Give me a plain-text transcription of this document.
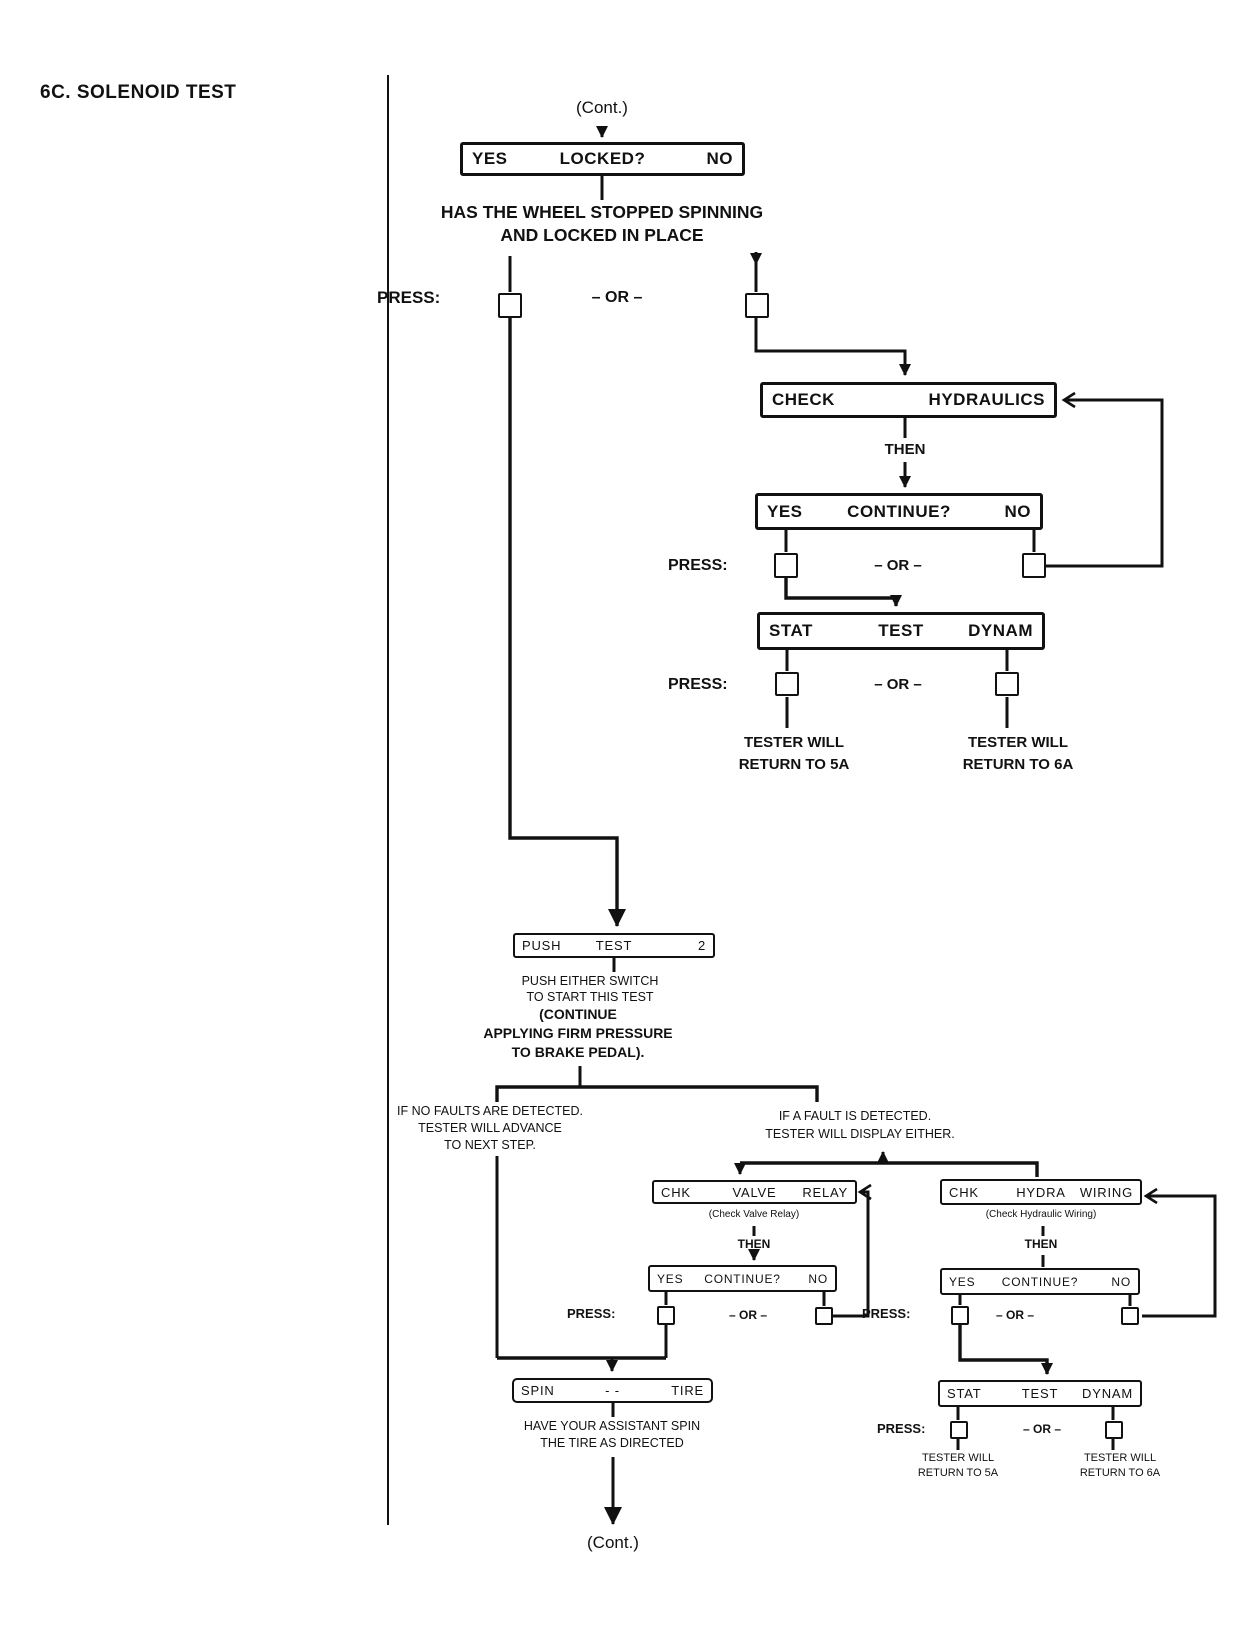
6C. SOLENOID TEST
(Cont.)
YES	LOCKED?	NO
HAS THE WHEEL STOPPED SPINNING
AND LOCKED IN PLACE
PRESS:	– OR –
CHECK	HYDRAULICS
THEN
YES	CONTINUE?	NO
PRESS:	– OR –
STAT	TEST	DYNAM
PRESS:	– OR –
TESTER WILL
RETURN TO 5A
TESTER WILL
RETURN TO 6A
PUSH	TEST	2
PUSH EITHER SWITCH
TO START THIS TEST
(CONTINUE
APPLYING FIRM PRESSURE
TO BRAKE PEDAL).
IF NO FAULTS ARE DETECTED.
TESTER WILL ADVANCE
TO NEXT STEP.
IF A FAULT IS DETECTED.
TESTER WILL DISPLAY EITHER.
CHK	VALVE RELAY
(Check Valve Relay)
THEN
CHK	HYDRA WIRING
(Check Hydraulic Wiring)
THEN
YES CONTINUE? NO
PRESS:	– OR –
YES CONTINUE?	NO
PRESS:	– OR –
SPIN	- -	TIRE
HAVE YOUR ASSISTANT SPIN
THE TIRE AS DIRECTED
STAT	TEST DYNAM
PRESS:	– OR –
TESTER WILL
RETURN TO 5A
TESTER WILL
RETURN TO 6A
(Cont.)
